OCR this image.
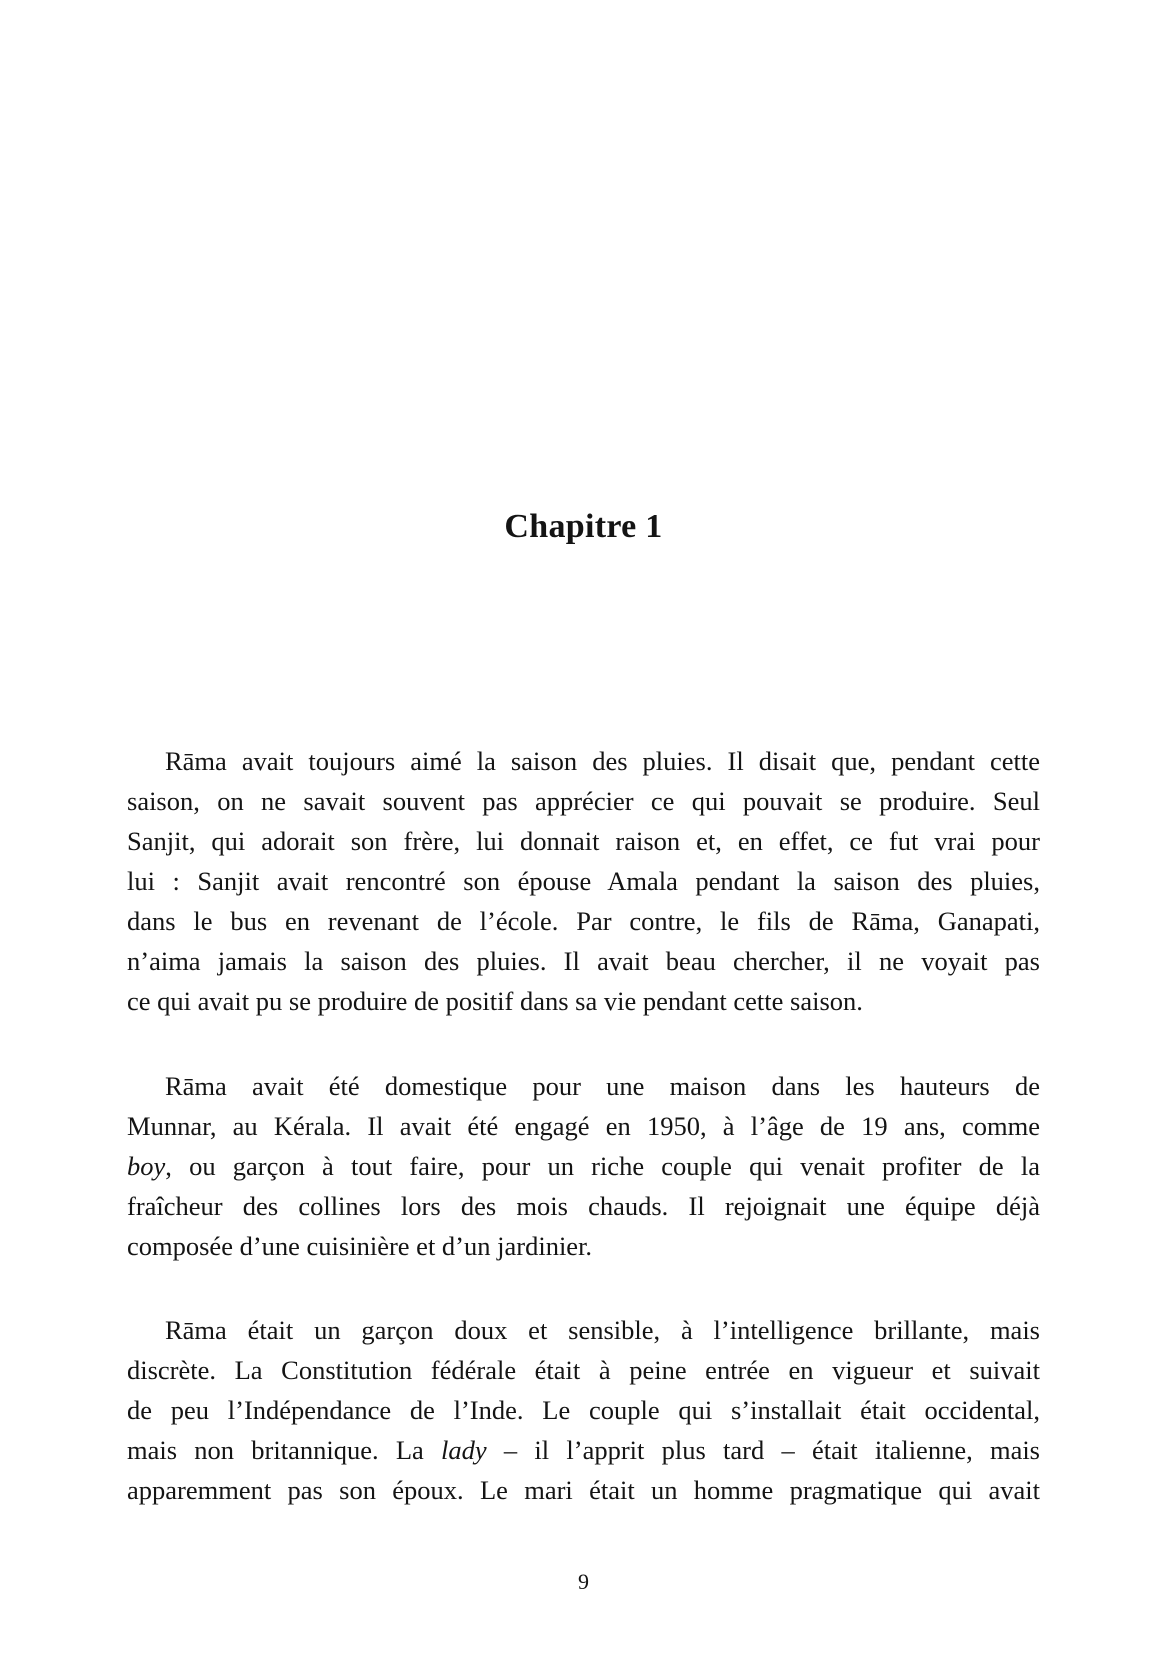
Chapitre 1
Rāma avait toujours aimé la saison des pluies. Il disait que, pendant cette
saison, on ne savait souvent pas apprécier ce qui pouvait se produire. Seul
Sanjit, qui adorait son frère, lui donnait raison et, en effet, ce fut vrai pour
lui : Sanjit avait rencontré son épouse Amala pendant la saison des pluies,
dans le bus en revenant de l’école. Par contre, le fils de Rāma, Ganapati,
n’aima jamais la saison des pluies. Il avait beau chercher, il ne voyait pas
ce qui avait pu se produire de positif dans sa vie pendant cette saison.
Rāma avait été domestique pour une maison dans les hauteurs de
Munnar, au Kérala. Il avait été engagé en 1950, à l’âge de 19 ans, comme
boy, ou garçon à tout faire, pour un riche couple qui venait profiter de la
fraîcheur des collines lors des mois chauds. Il rejoignait une équipe déjà
composée d’une cuisinière et d’un jardinier.
Rāma était un garçon doux et sensible, à l’intelligence brillante, mais
discrète. La Constitution fédérale était à peine entrée en vigueur et suivait
de peu l’Indépendance de l’Inde. Le couple qui s’installait était occidental,
mais non britannique. La lady – il l’apprit plus tard – était italienne, mais
apparemment pas son époux. Le mari était un homme pragmatique qui avait
9
